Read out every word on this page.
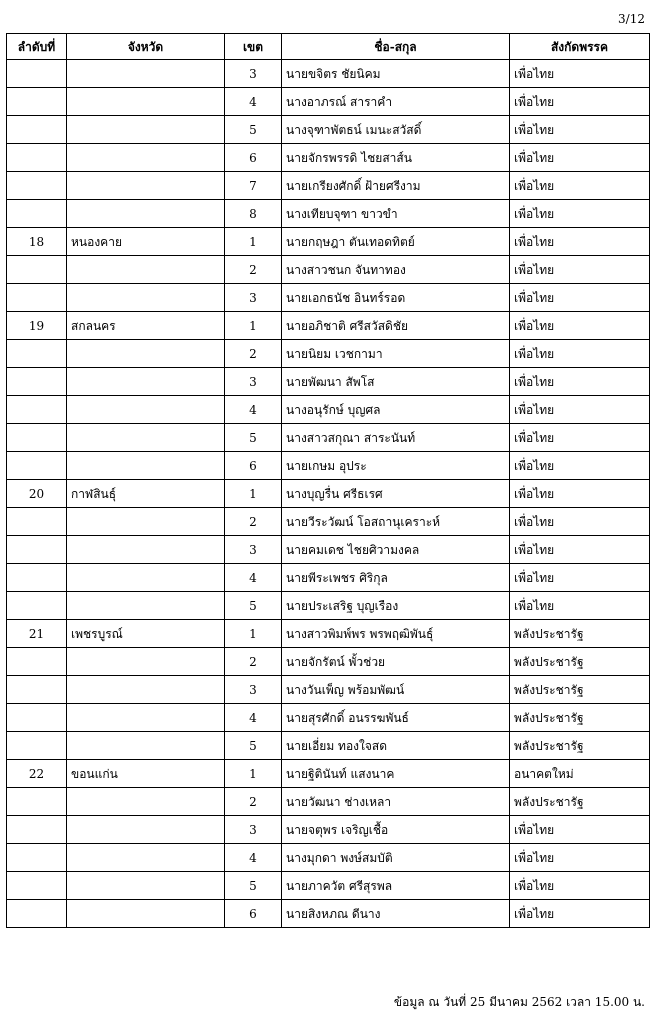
3/12
ลำดับที่	จังหวัด	เขต	ชื่อ-สกุล	สังกัดพรรค
		3	นายขจิตร ชัยนิคม	เพื่อไทย
		4	นางอาภรณ์ สาราคำ	เพื่อไทย
		5	นางจุฑาพัตธน์ เมนะสวัสดิ์	เพื่อไทย
		6	นายจักรพรรดิ ไชยสาส์น	เพื่อไทย
		7	นายเกรียงศักดิ์ ฝ้ายศรีงาม	เพื่อไทย
		8	นางเทียบจุฑา ขาวขำ	เพื่อไทย
18	หนองคาย	1	นายกฤษฎา ตันเทอดทิตย์	เพื่อไทย
		2	นางสาวชนก จันทาทอง	เพื่อไทย
		3	นายเอกธนัช อินทร์รอด	เพื่อไทย
19	สกลนคร	1	นายอภิชาติ ศรีสวัสดิชัย	เพื่อไทย
		2	นายนิยม เวชกามา	เพื่อไทย
		3	นายพัฒนา สัพโส	เพื่อไทย
		4	นางอนุรักษ์ บุญศล	เพื่อไทย
		5	นางสาวสกุณา สาระนันท์	เพื่อไทย
		6	นายเกษม อุประ	เพื่อไทย
20	กาฬสินธุ์	1	นางบุญรื่น ศรีธเรศ	เพื่อไทย
		2	นายวีระวัฒน์ โอสถานุเคราะห์	เพื่อไทย
		3	นายคมเดช ไชยศิวามงคล	เพื่อไทย
		4	นายพีระเพชร ศิริกุล	เพื่อไทย
		5	นายประเสริฐ บุญเรือง	เพื่อไทย
21	เพชรบูรณ์	1	นางสาวพิมพ์พร พรพฤฒิพันธุ์	พลังประชารัฐ
		2	นายจักรัตน์ พั้วช่วย	พลังประชารัฐ
		3	นางวันเพ็ญ พร้อมพัฒน์	พลังประชารัฐ
		4	นายสุรศักดิ์ อนรรฆพันธ์	พลังประชารัฐ
		5	นายเอี่ยม ทองใจสด	พลังประชารัฐ
22	ขอนแก่น	1	นายฐิตินันท์ แสงนาค	อนาคตใหม่
		2	นายวัฒนา ช่างเหลา	พลังประชารัฐ
		3	นายจตุพร เจริญเชื้อ	เพื่อไทย
		4	นางมุกดา พงษ์สมบัติ	เพื่อไทย
		5	นายภาควัต ศรีสุรพล	เพื่อไทย
		6	นายสิงหภณ ดีนาง	เพื่อไทย
ข้อมูล ณ วันที่ 25 มีนาคม 2562 เวลา 15.00 น.
